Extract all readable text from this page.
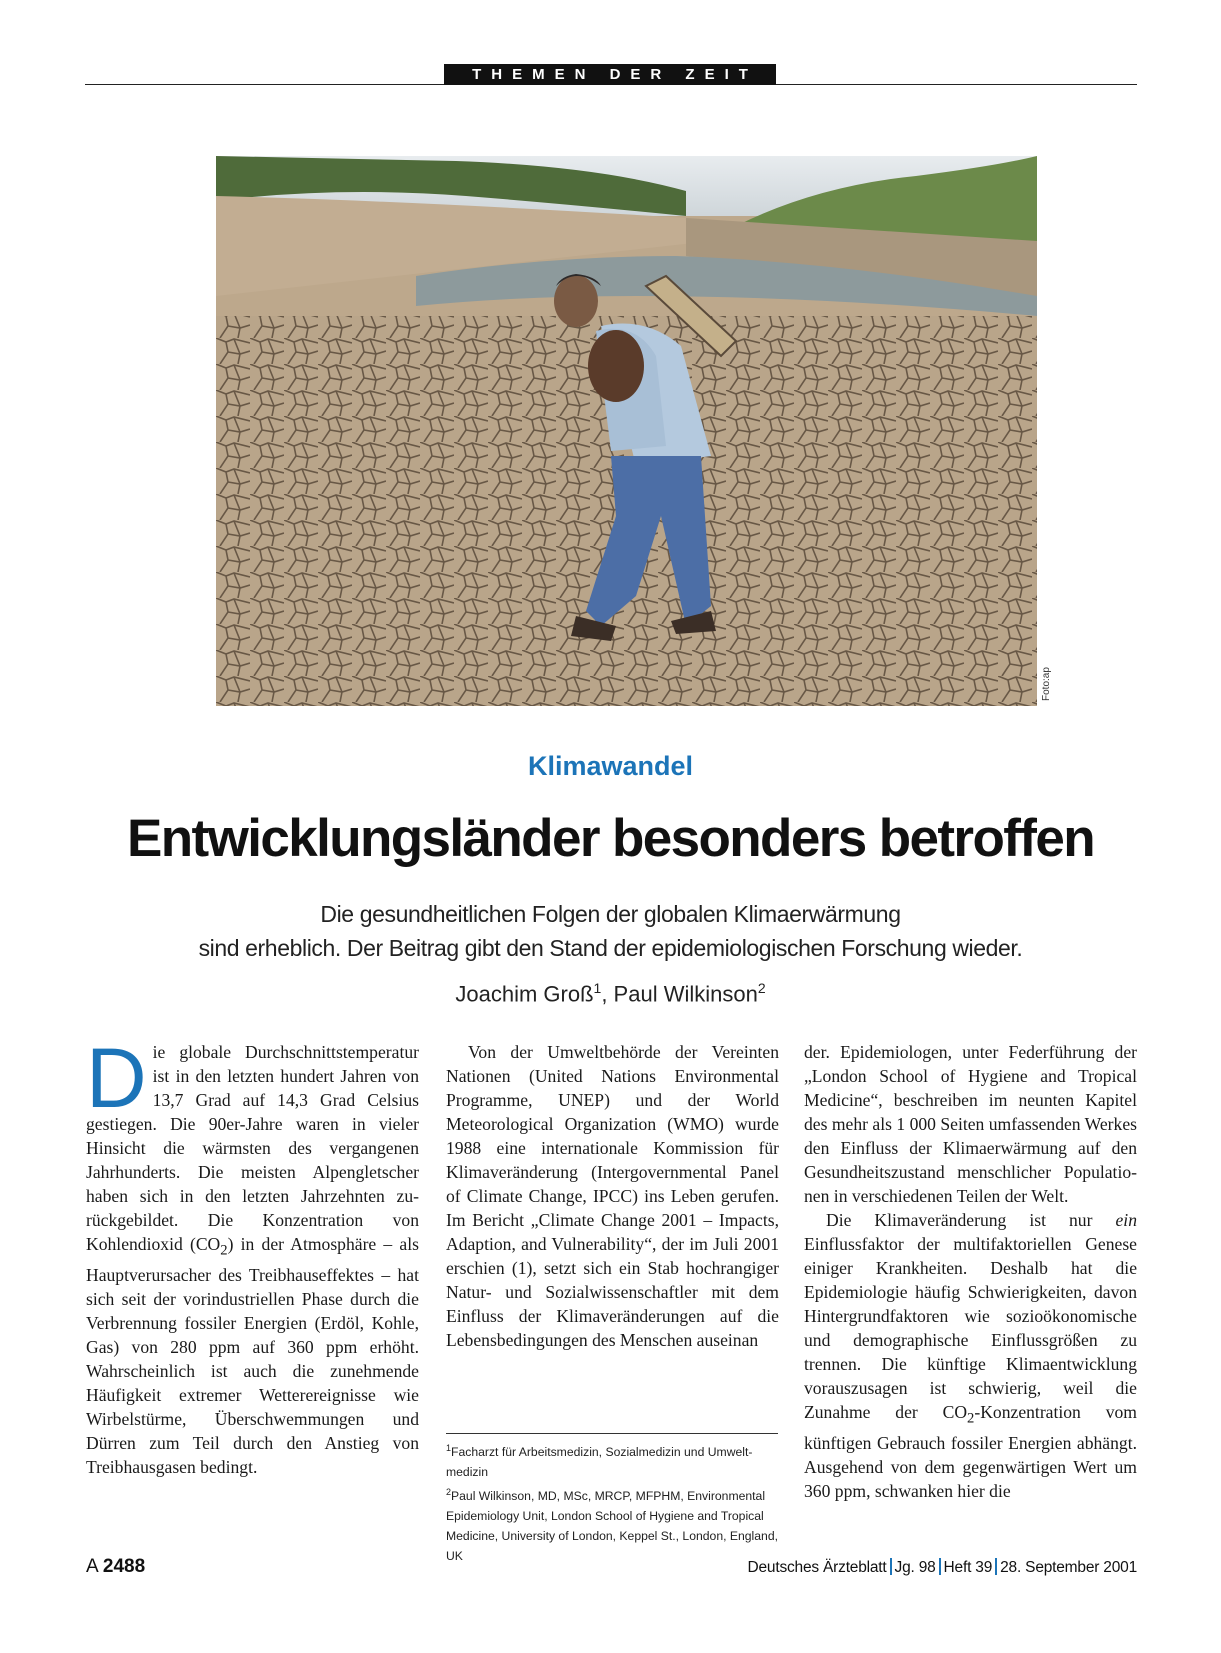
THEMEN DER ZEIT
Foto:ap
Klimawandel
Entwicklungsländer besonders betroffen
Die gesundheitlichen Folgen der globalen Klimaerwärmung
sind erheblich. Der Beitrag gibt den Stand der epidemiologischen Forschung wieder.
Joachim Groß$^1$, Paul Wilkinson$^2$

Die globale Durchschnittstemperatur ist in den letzten hundert Jahren von 13,7 Grad auf 14,3 Grad Celsius gestiegen. Die 90er-Jahre waren in vieler Hinsicht die wärmsten des vergangenen Jahrhunderts. Die meisten Alpengletscher haben sich in den letzten Jahrzehnten zurückgebildet. Die Konzentration von Kohlendioxid $(CO_2)$ in der Atmosphäre – als Hauptverursacher des Treibhauseffektes – hat sich seit der vorindustriellen Phase durch die Verbrennung fossiler Energien (Erdöl, Kohle, Gas) von 280 ppm auf 360 ppm erhöht. Wahrscheinlich ist auch die zunehmende Häufigkeit extremer Wetterereignisse wie Wirbelstürme, Überschwemmungen und Dürren zum Teil durch den Anstieg von Treibhausgasen bedingt.

Von der Umweltbehörde der Vereinten Nationen (United Nations Environmental Programme, UNEP) und der World Meteorological Organization (WMO) wurde 1988 eine internationale Kommission für Klimaveränderung (Intergovernmental Panel of Climate Change, IPCC) ins Leben gerufen. Im Bericht „Climate Change 2001 – Impacts, Adaption, and Vulnerability“, der im Juli 2001 erschien (1), setzt sich ein Stab hochrangiger Natur- und Sozialwissenschaftler mit dem Einfluss der Klimaveränderungen auf die Lebensbedingungen des Menschen auseinan

$^1$Facharzt für Arbeitsmedizin, Sozialmedizin und Umweltmedizin

$^2$Paul Wilkinson, MD, MSc, MRCP, MFPHM, Environmental Epidemiology Unit, London School of Hygiene and Tropical Medicine, University of London, Keppel St., London, England, UK

der. Epidemiologen, unter Federführung der „London School of Hygiene and Tropical Medicine“, beschreiben im neunten Kapitel des mehr als 1 000 Seiten umfassenden Werkes den Einfluss der Klimaerwärmung auf den Gesundheitszustand menschlicher Populationen in verschiedenen Teilen der Welt.

Die Klimaveränderung ist nur ein Einflussfaktor der multifaktoriellen Genese einiger Krankheiten. Deshalb hat die Epidemiologie häufig Schwierigkeiten, davon Hintergrundfaktoren wie sozioökonomische und demographische Einflussgrößen zu trennen. Die künftige Klimaentwicklung vorauszusagen ist schwierig, weil die Zunahme der $CO_2$-Konzentration vom künftigen Gebrauch fossiler Energien abhängt. Ausgehend von dem gegenwärtigen Wert um 360 ppm, schwanken hier die

A 2488	Deutsches Ärzteblatt Jg. 98 Heft 39 28. September 2001
